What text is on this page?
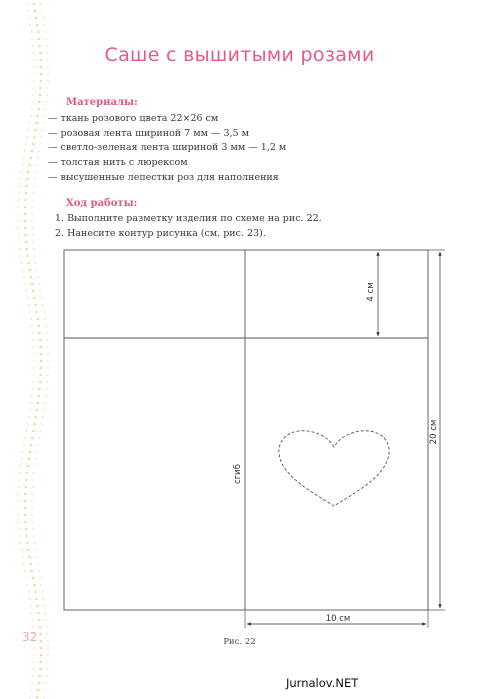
Саше с вышитыми розами
Материалы:
— ткань розового цвета 22×26 см
— розовая лента шириной 7 мм — 3,5 м
— светло-зеленая лента шириной 3 мм — 1,2 м
— толстая нить с люрексом
— высушенные лепестки роз для наполнения
Ход работы:
1. Выполните разметку изделия по схеме на рис. 22.
2. Нанесите контур рисунка (см. рис. 23).
4 см
20 см
10 см
сгиб
Рис. 22
32
Jurnalov.NET
